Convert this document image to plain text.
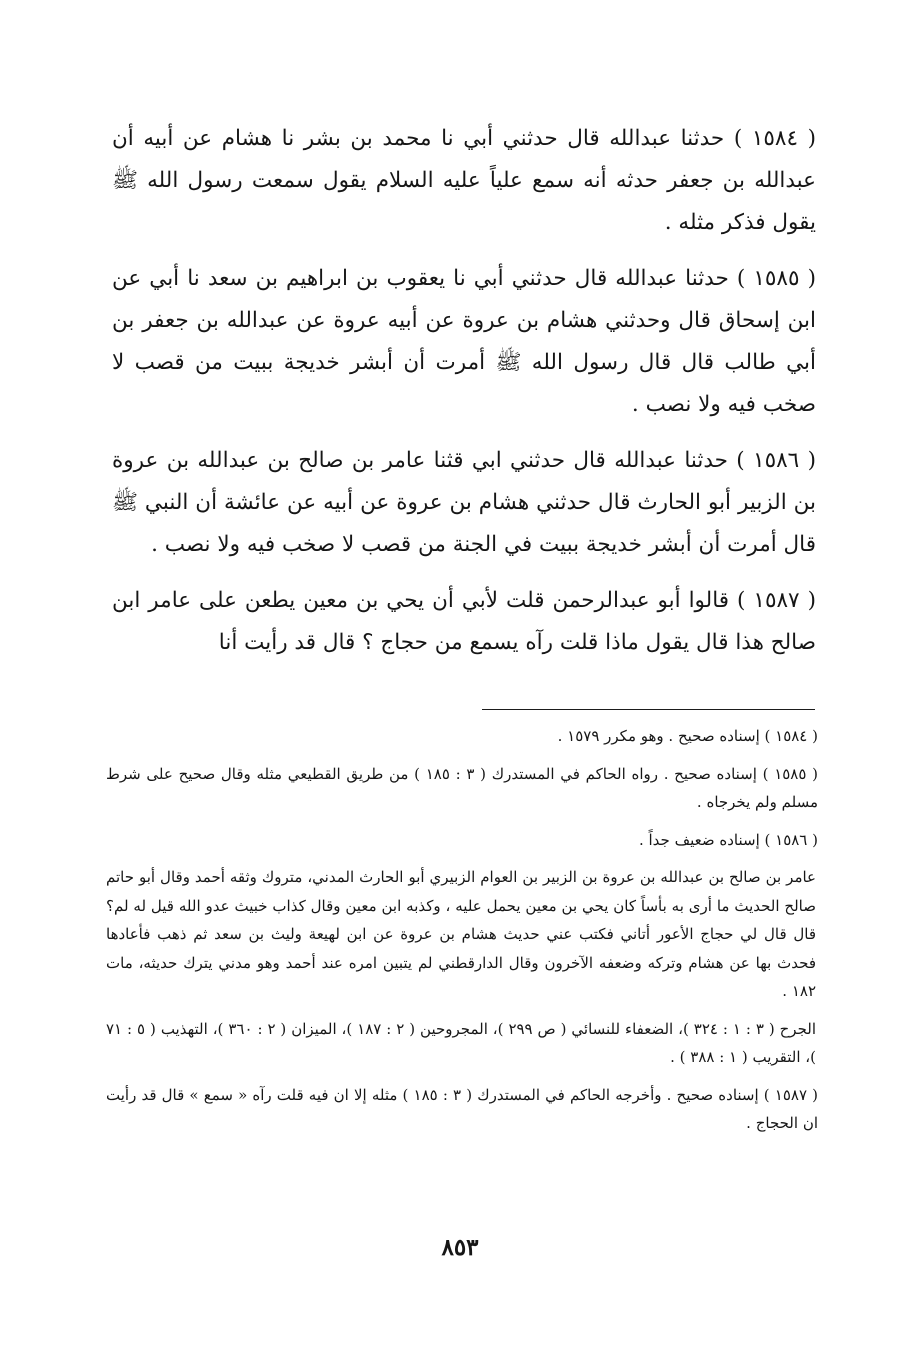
( ١٥٨٤ ) حدثنا عبدالله قال حدثني أبي نا محمد بن بشر نا هشام عن أبيه أن عبدالله بن جعفر حدثه أنه سمع علياً عليه السلام يقول سمعت رسول الله ﷺ يقول فذكر مثله .

( ١٥٨٥ ) حدثنا عبدالله قال حدثني أبي نا يعقوب بن ابراهيم بن سعد نا أبي عن ابن إسحاق قال وحدثني هشام بن عروة عن أبيه عروة عن عبدالله بن جعفر بن أبي طالب قال قال رسول الله ﷺ أمرت أن أبشر خديجة ببيت من قصب لا صخب فيه ولا نصب .

( ١٥٨٦ ) حدثنا عبدالله قال حدثني ابي قثنا عامر بن صالح بن عبدالله بن عروة بن الزبير أبو الحارث قال حدثني هشام بن عروة عن أبيه عن عائشة أن النبي ﷺ قال أمرت أن أبشر خديجة ببيت في الجنة من قصب لا صخب فيه ولا نصب .

( ١٥٨٧ ) قالوا أبو عبدالرحمن قلت لأبي أن يحي بن معين يطعن على عامر ابن صالح هذا قال يقول ماذا قلت رآه يسمع من حجاج ؟ قال قد رأيت أنا

( ١٥٨٤ ) إسناده صحيح . وهو مكرر ١٥٧٩ .

( ١٥٨٥ ) إسناده صحيح . رواه الحاكم في المستدرك ( ٣ : ١٨٥ ) من طريق القطيعي مثله وقال صحيح على شرط مسلم ولم يخرجاه .

( ١٥٨٦ ) إسناده ضعيف جداً .

عامر بن صالح بن عبدالله بن عروة بن الزبير بن العوام الزبيري أبو الحارث المدني، متروك وثقه أحمد وقال أبو حاتم صالح الحديث ما أرى به بأساً كان يحي بن معين يحمل عليه ، وكذبه ابن معين وقال كذاب خبيث عدو الله قيل له لم؟ قال قال لي حجاج الأعور أتاني فكتب عني حديث هشام بن عروة عن ابن لهيعة وليث بن سعد ثم ذهب فأعادها فحدث بها عن هشام وتركه وضعفه الآخرون وقال الدارقطني لم يتبين امره عند أحمد وهو مدني يترك حديثه، مات ١٨٢ .

الجرح ( ٣ : ١ : ٣٢٤ )، الضعفاء للنسائي ( ص ٢٩٩ )، المجروحين ( ٢ : ١٨٧ )، الميزان ( ٢ : ٣٦٠ )، التهذيب ( ٥ : ٧١ )، التقريب ( ١ : ٣٨٨ ) .

( ١٥٨٧ ) إسناده صحيح . وأخرجه الحاكم في المستدرك ( ٣ : ١٨٥ ) مثله إلا ان فيه قلت رآه « سمع » قال قد رأيت ان الحجاج .

٨٥٣
